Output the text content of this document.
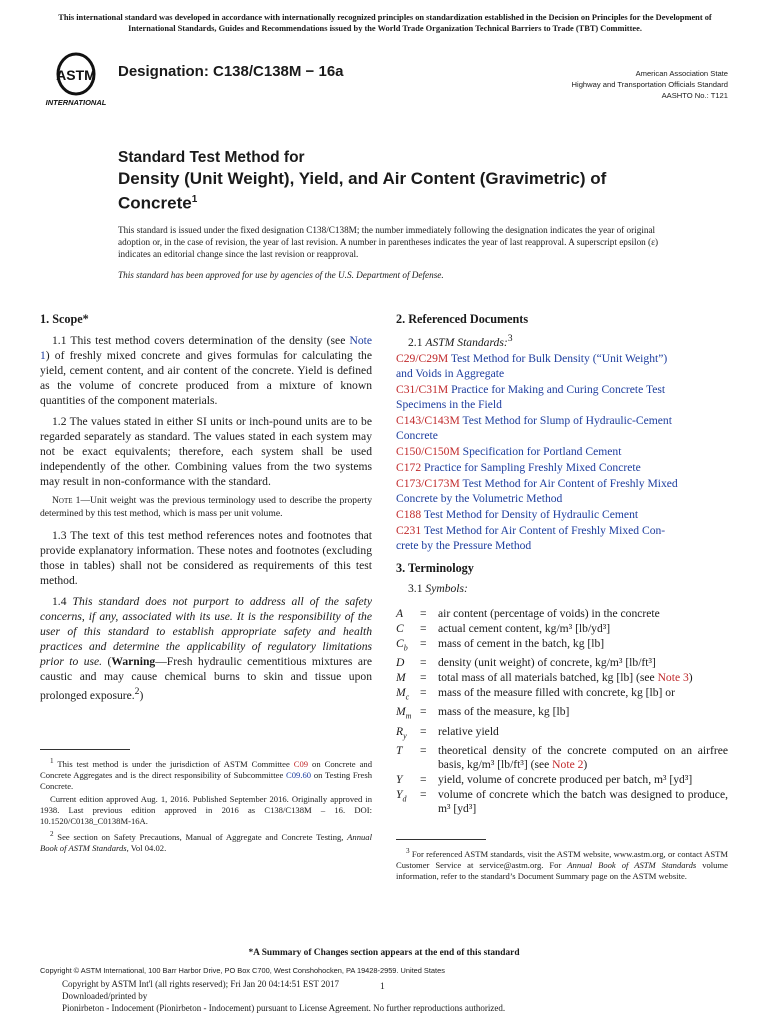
This international standard was developed in accordance with internationally recognized principles on standardization established in the Decision on Principles for the Development of International Standards, Guides and Recommendations issued by the World Trade Organization Technical Barriers to Trade (TBT) Committee.
ASTM
INTERNATIONAL
Designation: C138/C138M − 16a	American Association State
Highway and Transportation Officials Standard
AASHTO No.: T121
Standard Test Method for
Density (Unit Weight), Yield, and Air Content (Gravimetric) of Concrete$^1$
This standard is issued under the fixed designation C138/C138M; the number immediately following the designation indicates the year of original adoption or, in the case of revision, the year of last revision. A number in parentheses indicates the year of last reapproval. A superscript epsilon (ε) indicates an editorial change since the last revision or reapproval.
This standard has been approved for use by agencies of the U.S. Department of Defense.
1. Scope*

1.1 This test method covers determination of the density (see Note 1) of freshly mixed concrete and gives formulas for calculating the yield, cement content, and air content of the concrete. Yield is defined as the volume of concrete produced from a mixture of known quantities of the component materials.

1.2 The values stated in either SI units or inch-pound units are to be regarded separately as standard. The values stated in each system may not be exact equivalents; therefore, each system shall be used independently of the other. Combining values from the two systems may result in non-conformance with the standard.

Note 1—Unit weight was the previous terminology used to describe the property determined by this test method, which is mass per unit volume.

1.3 The text of this test method references notes and footnotes that provide explanatory information. These notes and footnotes (excluding those in tables) shall not be considered as requirements of this test method.

1.4 This standard does not purport to address all of the safety concerns, if any, associated with its use. It is the responsibility of the user of this standard to establish appropriate safety and health practices and determine the applicability of regulatory limitations prior to use. (Warning—Fresh hydraulic cementitious mixtures are caustic and may cause chemical burns to skin and tissue upon prolonged exposure.$^2$)

$^1$ This test method is under the jurisdiction of ASTM Committee C09 on Concrete and Concrete Aggregates and is the direct responsibility of Subcommittee C09.60 on Testing Fresh Concrete.

Current edition approved Aug. 1, 2016. Published September 2016. Originally approved in 1938. Last previous edition approved in 2016 as C138/C138M – 16. DOI: 10.1520/C0138_C0138M-16A.

$^2$ See section on Safety Precautions, Manual of Aggregate and Concrete Testing, Annual Book of ASTM Standards, Vol 04.02.

2. Referenced Documents
2.1 ASTM Standards:$^3$
C29/C29M Test Method for Bulk Density (“Unit Weight”)
and Voids in Aggregate
C31/C31M Practice for Making and Curing Concrete Test
Specimens in the Field
C143/C143M Test Method for Slump of Hydraulic-Cement
Concrete
C150/C150M Specification for Portland Cement
C172 Practice for Sampling Freshly Mixed Concrete
C173/C173M Test Method for Air Content of Freshly Mixed
Concrete by the Volumetric Method
C188 Test Method for Density of Hydraulic Cement
C231 Test Method for Air Content of Freshly Mixed Con-
crete by the Pressure Method
3. Terminology
3.1 Symbols:
A	= air content (percentage of voids) in the concrete
C	= actual cement content, kg/m³ [lb/yd³]
$C_b$	= mass of cement in the batch, kg [lb]
D	= density (unit weight) of concrete, kg/m³ [lb/ft³]
M	= total mass of all materials batched, kg [lb] (see Note 3)
$M_c$ = mass of the measure filled with concrete, kg [lb] or
$M_m$ = mass of the measure, kg [lb]
$R_y$	= relative yield
T	= theoretical density of the concrete computed on an airfree basis, kg/m³ [lb/ft³] (see Note 2)
Y	= yield, volume of concrete produced per batch, m³ [yd³]
$Y_d$	= volume of concrete which the batch was designed to produce, m³ [yd³]

$^3$ For referenced ASTM standards, visit the ASTM website, www.astm.org, or contact ASTM Customer Service at service@astm.org. For Annual Book of ASTM Standards volume information, refer to the standard’s Document Summary page on the ASTM website.

*A Summary of Changes section appears at the end of this standard
Copyright © ASTM International, 100 Barr Harbor Drive, PO Box C700, West Conshohocken, PA 19428-2959. United States
Copyright by ASTM Int'l (all rights reserved); Fri Jan 20 04:14:51 EST 2017
Downloaded/printed by
Pionirbeton - Indocement (Pionirbeton - Indocement) pursuant to License Agreement. No further reproductions authorized.
1
